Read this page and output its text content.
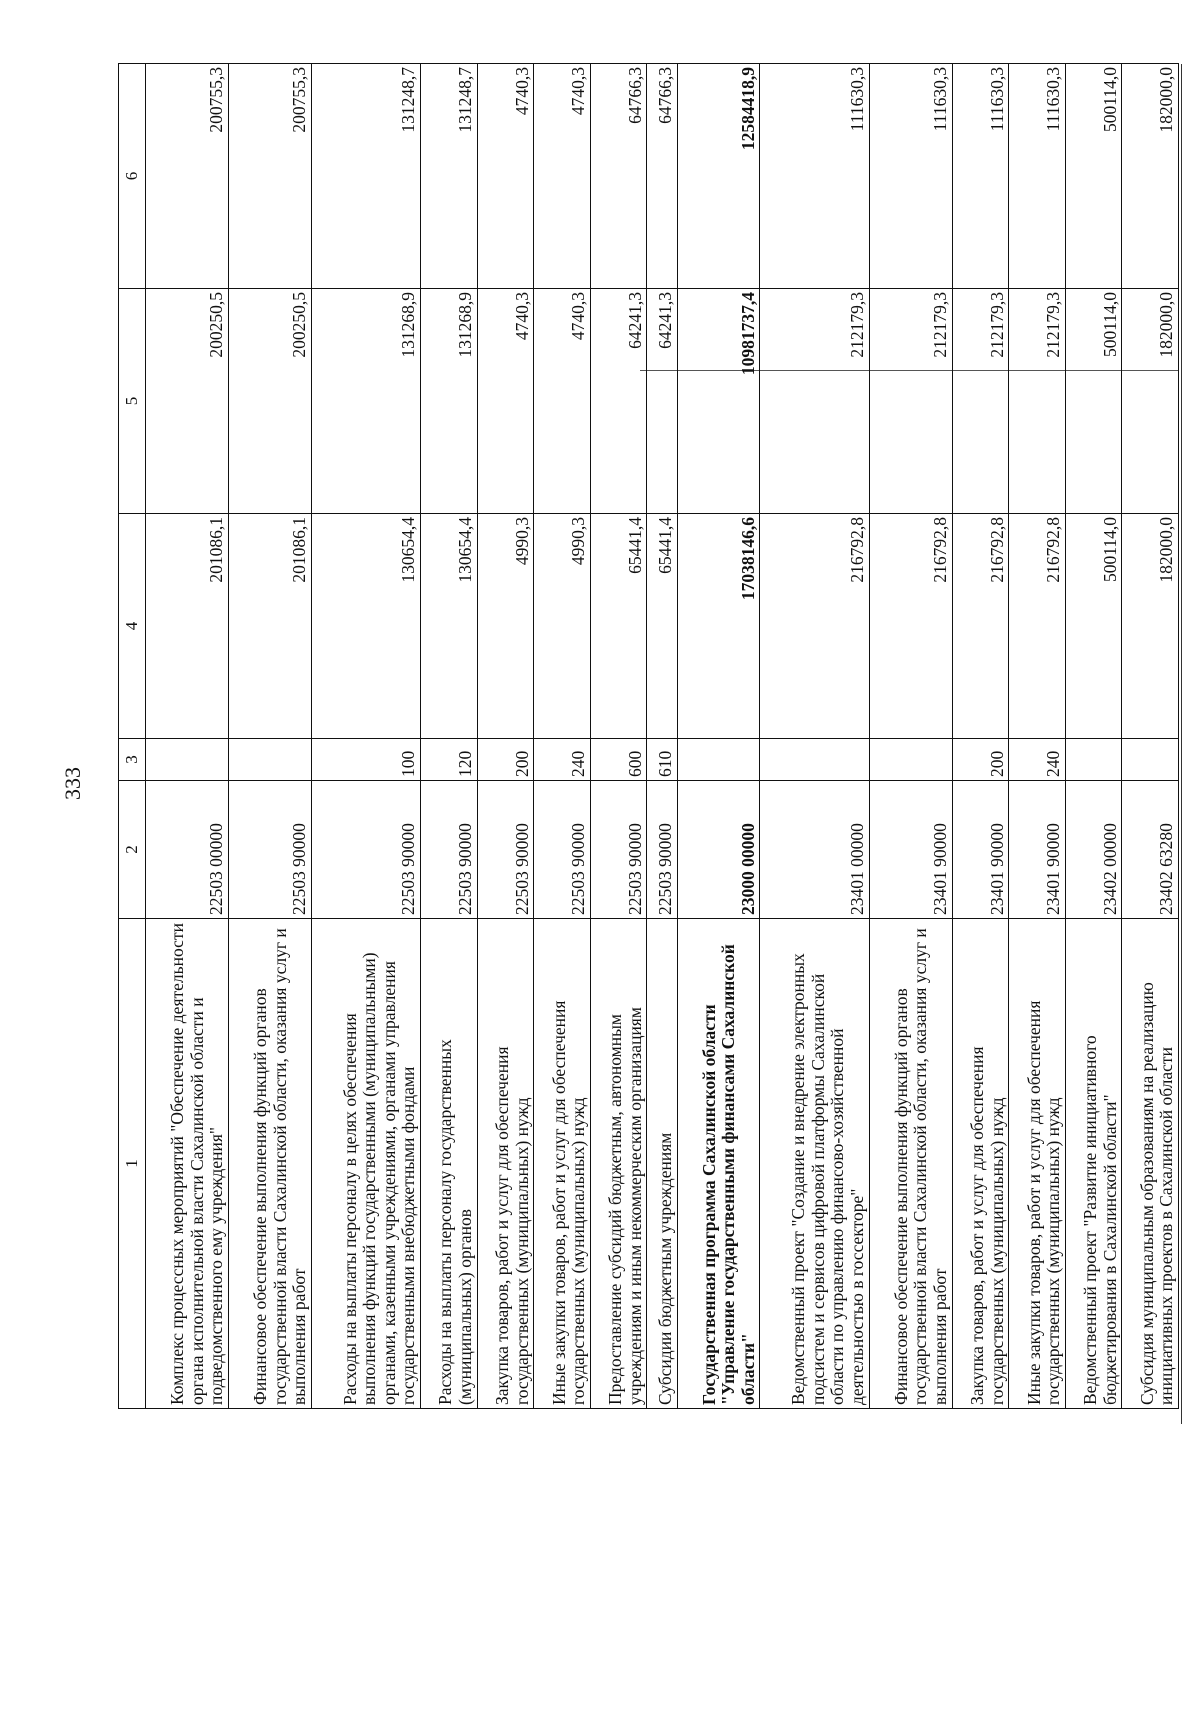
333
1	2	3	4	5	6
Комплекс процессных мероприятий "Обеспечение деятельности органа исполнительной власти Сахалинской области и подведомственного ему учреждения"	22503 00000		201086,1	200250,5	200755,3
Финансовое обеспечение выполнения функций органов государственной власти Сахалинской области, оказания услуг и выполнения работ	22503 90000		201086,1	200250,5	200755,3
Расходы на выплаты персоналу в целях обеспечения выполнения функций государственными (муниципальными) органами, казенными учреждениями, органами управления государственными внебюджетными фондами	22503 90000	100	130654,4	131268,9	131248,7
Расходы на выплаты персоналу государственных (муниципальных) органов	22503 90000	120	130654,4	131268,9	131248,7
Закупка товаров, работ и услуг для обеспечения государственных (муниципальных) нужд	22503 90000	200	4990,3	4740,3	4740,3
Иные закупки товаров, работ и услуг для обеспечения государственных (муниципальных) нужд	22503 90000	240	4990,3	4740,3	4740,3
Предоставление субсидий бюджетным, автономным учреждениям и иным некоммерческим организациям	22503 90000	600	65441,4	64241,3	64766,3
Субсидии бюджетным учреждениям	22503 90000	610	65441,4	64241,3	64766,3
Государственная программа Сахалинской области "Управление государственными финансами Сахалинской области"	23000 00000		17038146,6	10981737,4	12584418,9
Ведомственный проект "Создание и внедрение электронных подсистем и сервисов цифровой платформы Сахалинской области по управлению финансово-хозяйственной деятельностью в госсекторе"	23401 00000		216792,8	212179,3	111630,3
Финансовое обеспечение выполнения функций органов государственной власти Сахалинской области, оказания услуг и выполнения работ	23401 90000		216792,8	212179,3	111630,3
Закупка товаров, работ и услуг для обеспечения государственных (муниципальных) нужд	23401 90000	200	216792,8	212179,3	111630,3
Иные закупки товаров, работ и услуг для обеспечения государственных (муниципальных) нужд	23401 90000	240	216792,8	212179,3	111630,3
Ведомственный проект "Развитие инициативного бюджетирования в Сахалинской области"	23402 00000		500114,0	500114,0	500114,0
Субсидия муниципальным образованиям на реализацию инициативных проектов в Сахалинской области	23402 63280		182000,0	182000,0	182000,0
